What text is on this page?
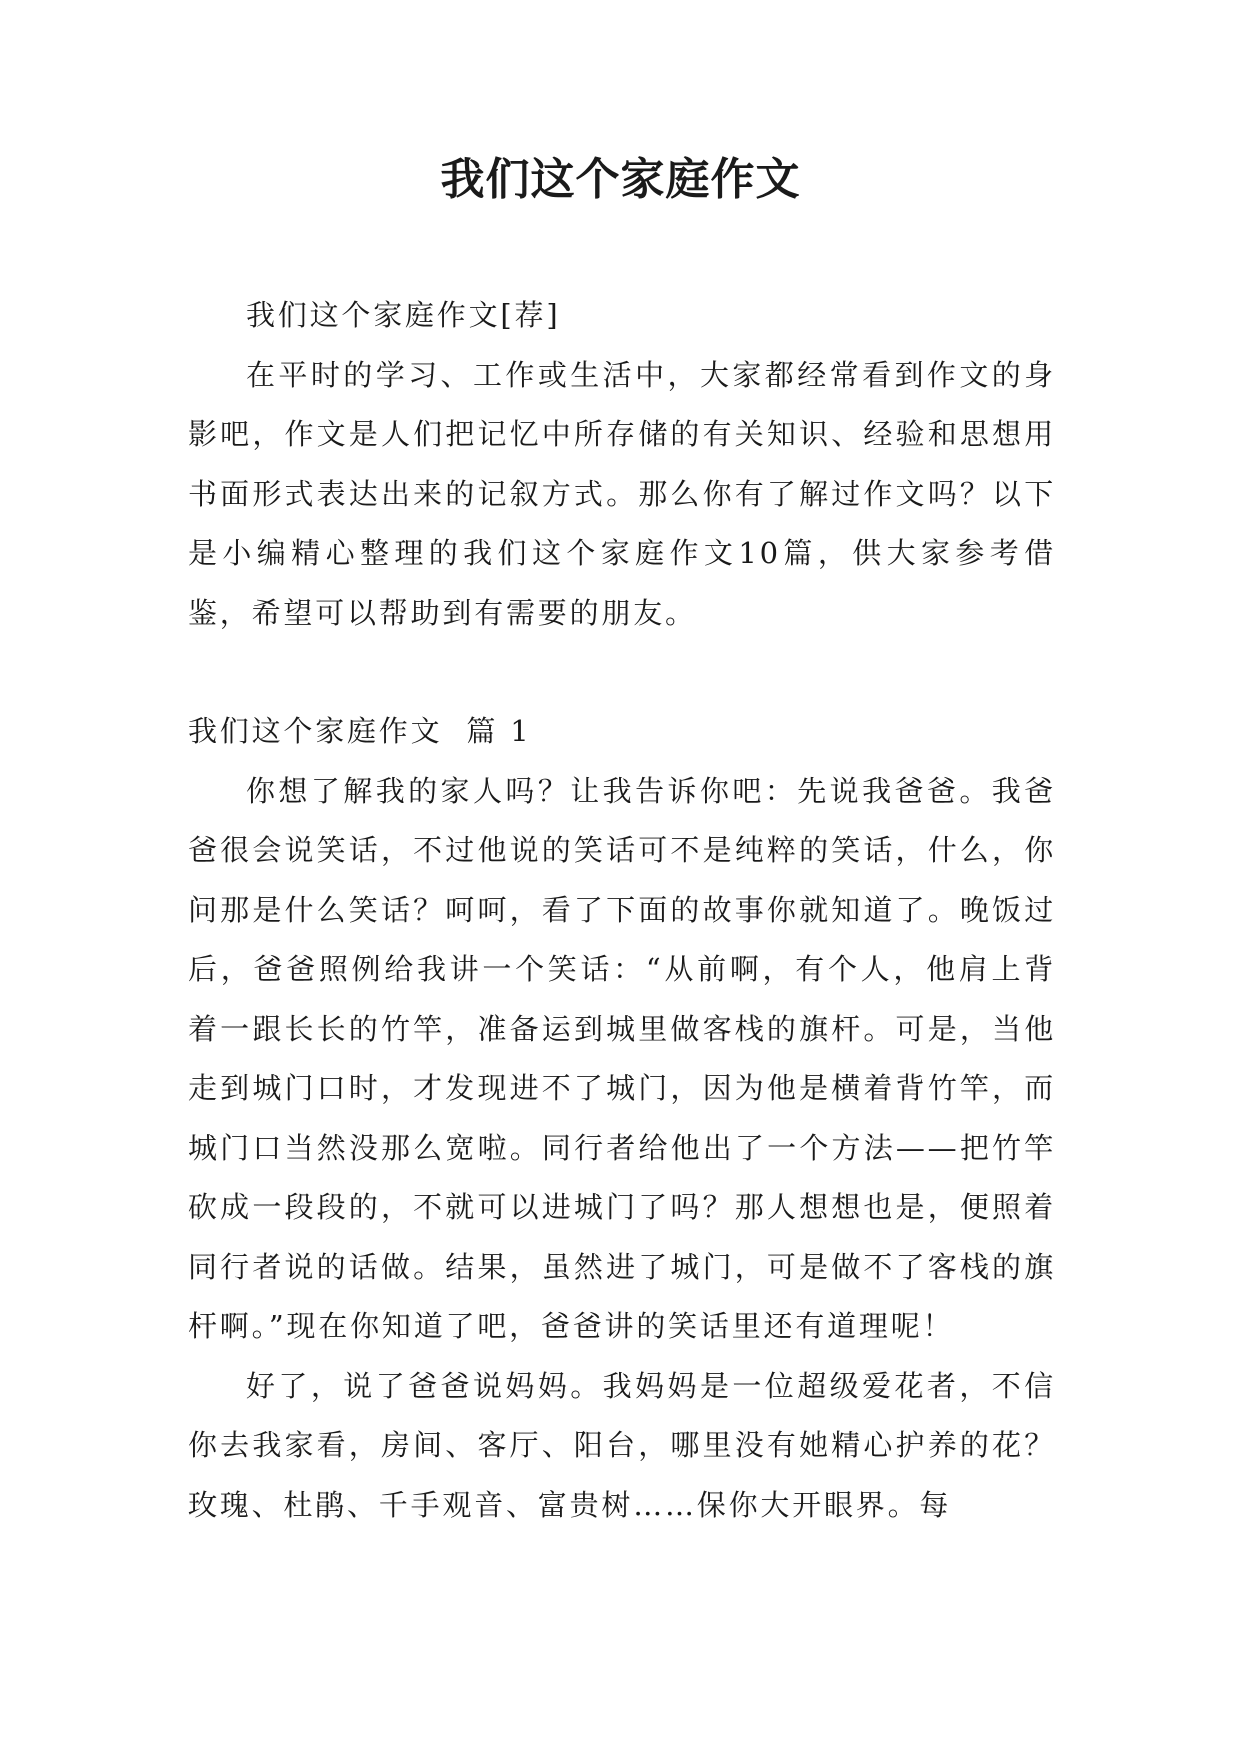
我们这个家庭作文

我们这个家庭作文[荐]

在平时的学习、工作或生活中，大家都经常看到作文的身影吧，作文是人们把记忆中所存储的有关知识、经验和思想用书面形式表达出来的记叙方式。那么你有了解过作文吗？以下是小编精心整理的我们这个家庭作文10篇，供大家参考借鉴，希望可以帮助到有需要的朋友。

我们这个家庭作文  篇 1

你想了解我的家人吗？让我告诉你吧：先说我爸爸。我爸爸很会说笑话，不过他说的笑话可不是纯粹的笑话，什么，你问那是什么笑话？呵呵，看了下面的故事你就知道了。晚饭过后，爸爸照例给我讲一个笑话：“从前啊，有个人，他肩上背着一跟长长的竹竿，准备运到城里做客栈的旗杆。可是，当他走到城门口时，才发现进不了城门，因为他是横着背竹竿，而城门口当然没那么宽啦。同行者给他出了一个方法——把竹竿砍成一段段的，不就可以进城门了吗？那人想想也是，便照着同行者说的话做。结果，虽然进了城门，可是做不了客栈的旗杆啊。”现在你知道了吧，爸爸讲的笑话里还有道理呢！

好了，说了爸爸说妈妈。我妈妈是一位超级爱花者，不信你去我家看，房间、客厅、阳台，哪里没有她精心护养的花？玫瑰、杜鹃、千手观音、富贵树……保你大开眼界。每
